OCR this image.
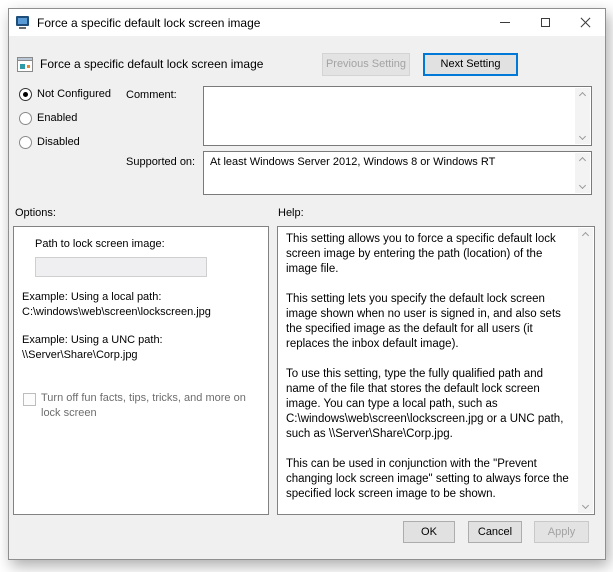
Force a specific default lock screen image
Force a specific default lock screen image	Previous Setting	Next Setting
Not Configured
Enabled
Disabled
Comment:
Supported on:	At least Windows Server 2012, Windows 8 or Windows RT
Options:	Help:
Path to lock screen image:
Example: Using a local path:
C:\windows\web\screen\lockscreen.jpg
Example: Using a UNC path:
\\Server\Share\Corp.jpg
Turn off fun facts, tips, tricks, and more on lock screen

This setting allows you to force a specific default lock screen image by entering the path (location) of the image file.

This setting lets you specify the default lock screen image shown when no user is signed in, and also sets the specified image as the default for all users (it replaces the inbox default image).

To use this setting, type the fully qualified path and name of the file that stores the default lock screen image. You can type a local path, such as C:\windows\web\screen\lockscreen.jpg or a UNC path, such as \\Server\Share\Corp.jpg.

This can be used in conjunction with the "Prevent changing lock screen image" setting to always force the specified lock screen image to be shown.

OK	Cancel	Apply
